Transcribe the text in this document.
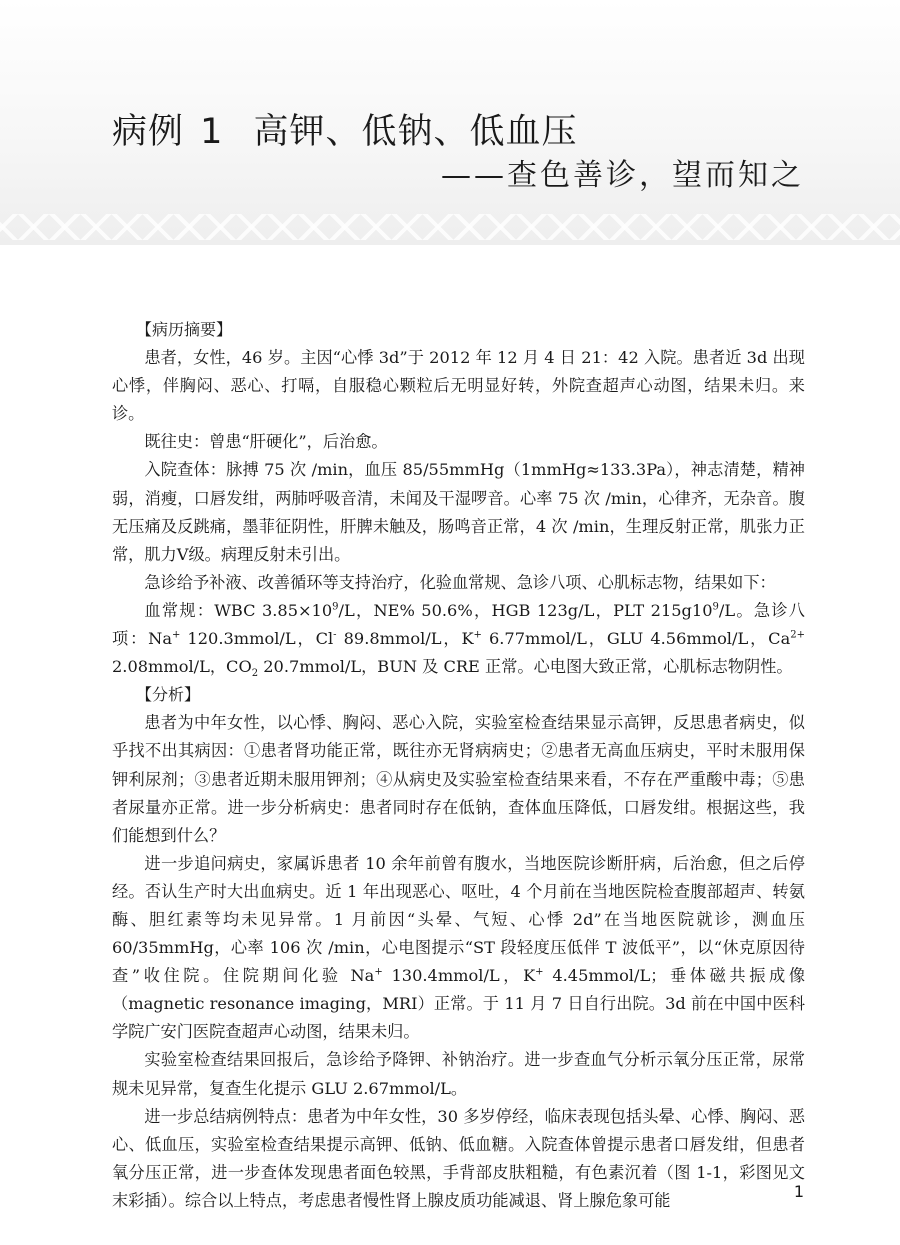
病例 1 高钾、低钠、低血压
——查色善诊，望而知之

【病历摘要】

患者，女性，46 岁。主因“心悸 3d”于 2012 年 12 月 4 日 21：42 入院。患者近 3d 出现心悸，伴胸闷、恶心、打嗝，自服稳心颗粒后无明显好转，外院查超声心动图，结果未归。来诊。

既往史：曾患“肝硬化”，后治愈。

入院查体：脉搏 75 次 /min，血压 85/55mmHg（1mmHg≈133.3Pa），神志清楚，精神弱，消瘦，口唇发绀，两肺呼吸音清，未闻及干湿啰音。心率 75 次 /min，心律齐，无杂音。腹无压痛及反跳痛，墨菲征阴性，肝脾未触及，肠鸣音正常，4 次 /min，生理反射正常，肌张力正常，肌力Ⅴ级。病理反射未引出。

急诊给予补液、改善循环等支持治疗，化验血常规、急诊八项、心肌标志物，结果如下：

血常规：WBC $3.85\times 10^9/L$，NE% 50.6%，HGB 123g/L，PLT $215g10^9/L$。急诊八项：Na+ 120.3mmol/L，Cl- 89.8mmol/L，K+ 6.77mmol/L，GLU 4.56mmol/L，$Ca^{2+}$ 2.08mmol/L，$CO_2$ 20.7mmol/L，BUN 及 CRE 正常。心电图大致正常，心肌标志物阴性。

【分析】

患者为中年女性，以心悸、胸闷、恶心入院，实验室检查结果显示高钾，反思患者病史，似乎找不出其病因：①患者肾功能正常，既往亦无肾病病史；②患者无高血压病史，平时未服用保钾利尿剂；③患者近期未服用钾剂；④从病史及实验室检查结果来看，不存在严重酸中毒；⑤患者尿量亦正常。进一步分析病史：患者同时存在低钠，查体血压降低，口唇发绀。根据这些，我们能想到什么？

进一步追问病史，家属诉患者 10 余年前曾有腹水，当地医院诊断肝病，后治愈，但之后停经。否认生产时大出血病史。近 1 年出现恶心、呕吐，4 个月前在当地医院检查腹部超声、转氨酶、胆红素等均未见异常。1 月前因“头晕、气短、心悸 2d”在当地医院就诊，测血压 60/35mmHg，心率 106 次 /min，心电图提示“ST 段轻度压低伴 T 波低平”，以“休克原因待查”收住院。住院期间化验 Na+ 130.4mmol/L，K+ 4.45mmol/L；垂体磁共振成像（magnetic resonance imaging，MRI）正常。于 11 月 7 日自行出院。3d 前在中国中医科学院广安门医院查超声心动图，结果未归。

实验室检查结果回报后，急诊给予降钾、补钠治疗。进一步查血气分析示氧分压正常，尿常规未见异常，复查生化提示 GLU 2.67mmol/L。

进一步总结病例特点：患者为中年女性，30 多岁停经，临床表现包括头晕、心悸、胸闷、恶心、低血压，实验室检查结果提示高钾、低钠、低血糖。入院查体曾提示患者口唇发绀，但患者氧分压正常，进一步查体发现患者面色较黑，手背部皮肤粗糙，有色素沉着（图 1-1，彩图见文末彩插）。综合以上特点，考虑患者慢性肾上腺皮质功能减退、肾上腺危象可能	1
